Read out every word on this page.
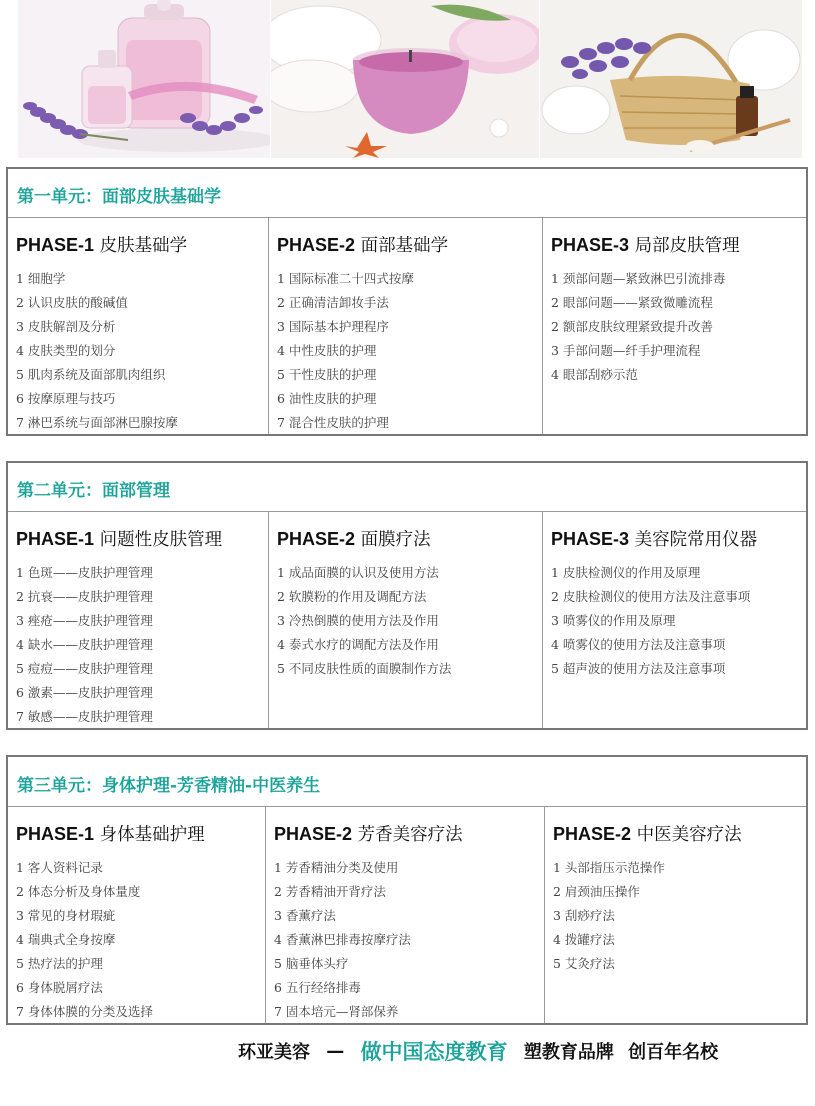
第一单元：面部皮肤基础学
PHASE-1 皮肤基础学
1 细胞学
2 认识皮肤的酸碱值
3 皮肤解剖及分析
4 皮肤类型的划分
5 肌肉系统及面部肌肉组织
6 按摩原理与技巧
7 淋巴系统与面部淋巴腺按摩
PHASE-2 面部基础学
1 国际标准二十四式按摩
2 正确清洁卸妆手法
3 国际基本护理程序
4 中性皮肤的护理
5 干性皮肤的护理
6 油性皮肤的护理
7 混合性皮肤的护理
PHASE-3 局部皮肤管理
1 颈部问题—紧致淋巴引流排毒
2 眼部问题——紧致微雕流程
2 额部皮肤纹理紧致提升改善
3 手部问题—纤手护理流程
4 眼部刮痧示范
第二单元：面部管理
PHASE-1 问题性皮肤管理
1 色斑——皮肤护理管理
2 抗衰——皮肤护理管理
3 痤疮——皮肤护理管理
4 缺水——皮肤护理管理
5 痘痘——皮肤护理管理
6 激素——皮肤护理管理
7 敏感——皮肤护理管理
PHASE-2 面膜疗法
1 成品面膜的认识及使用方法
2 软膜粉的作用及调配方法
3 冷热倒膜的使用方法及作用
4 泰式水疗的调配方法及作用
5 不同皮肤性质的面膜制作方法
PHASE-3 美容院常用仪器
1 皮肤检测仪的作用及原理
2 皮肤检测仪的使用方法及注意事项
3 喷雾仪的作用及原理
4 喷雾仪的使用方法及注意事项
5 超声波的使用方法及注意事项
第三单元：身体护理-芳香精油-中医养生
PHASE-1 身体基础护理
1 客人资料记录
2 体态分析及身体量度
3 常见的身材瑕疵
4 瑞典式全身按摩
5 热疗法的护理
6 身体脱屑疗法
7 身体体膜的分类及选择
PHASE-2 芳香美容疗法
1 芳香精油分类及使用
2 芳香精油开背疗法
3 香薰疗法
4 香薰淋巴排毒按摩疗法
5 脑垂体头疗
6 五行经络排毒
7 固本培元—肾部保养
PHASE-2 中医美容疗法
1 头部指压示范操作
2 肩颈油压操作
3 刮痧疗法
4 拨罐疗法
5 艾灸疗法
环亚美容 — 做中国态度教育 塑教育品牌 创百年名校
